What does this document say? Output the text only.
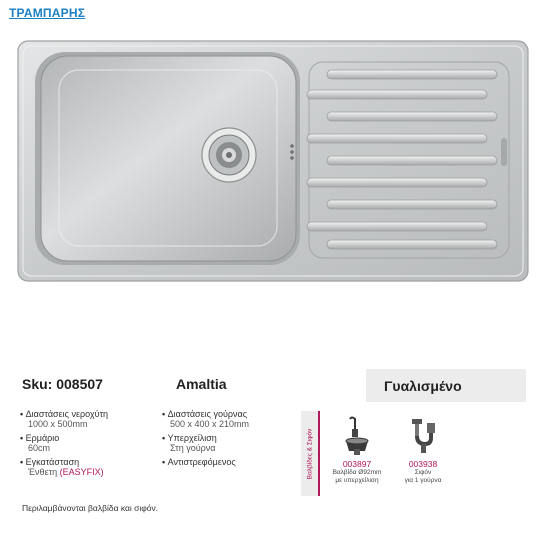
ΤΡΑΜΠΑΡΗΣ
Sku: 008507	Amaltia	Γυαλισμένο
• Διαστάσεις νεροχύτη
1000 x 500mm
• Ερμάριο
60cm
• Εγκατάσταση
Ένθετη (EASYFIX)
• Διαστάσεις γούρνας
500 x 400 x 210mm
• Υπερχείλιση
Στη γούρνα
• Αντιστρεφόμενος
Περιλαμβάνονται βαλβίδα και σιφόν.
Βαλβίδες & Σιφόν	003897
Βαλβίδα Ø92mm
με υπερχείλιση
003938
Σιφόν
για 1 γούρνα
